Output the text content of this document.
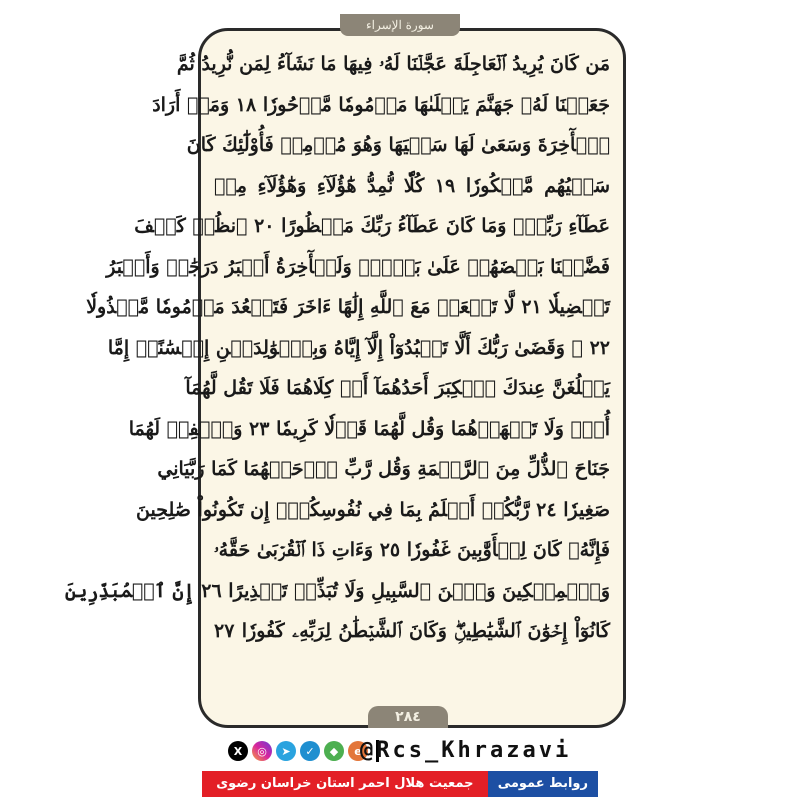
سورة الإسراء
مَن كَانَ يُرِيدُ ٱلۡعَاجِلَةَ عَجَّلۡنَا لَهُۥ فِيهَا مَا نَشَآءُ لِمَن نُّرِيدُ ثُمَّ
جَعَلۡنَا لَهُۥ جَهَنَّمَ يَصۡلَىٰهَا مَذۡمُومٗا مَّدۡحُورٗا ١٨ وَمَنۡ أَرَادَ
ٱلۡأٓخِرَةَ وَسَعَىٰ لَهَا سَعۡيَهَا وَهُوَ مُؤۡمِنٞ فَأُوْلَٰٓئِكَ كَانَ
سَعۡيُهُم مَّشۡكُورٗا ١٩ كُلّٗا نُّمِدُّ هَٰٓؤُلَآءِ وَهَٰٓؤُلَآءِ مِنۡ
عَطَآءِ رَبِّكَۚ وَمَا كَانَ عَطَآءُ رَبِّكَ مَحۡظُورًا ٢٠ ٱنظُرۡ كَيۡفَ
فَضَّلۡنَا بَعۡضَهُمۡ عَلَىٰ بَعۡضٖۚ وَلَلۡأٓخِرَةُ أَكۡبَرُ دَرَجَٰتٖ وَأَكۡبَرُ
تَفۡضِيلٗا ٢١ لَّا تَجۡعَلۡ مَعَ ٱللَّهِ إِلَٰهًا ءَاخَرَ فَتَقۡعُدَ مَذۡمُومٗا مَّخۡذُولٗا
٢٢ ۞ وَقَضَىٰ رَبُّكَ أَلَّا تَعۡبُدُوٓاْ إِلَّآ إِيَّاهُ وَبِٱلۡوَٰلِدَيۡنِ إِحۡسَٰنًاۚ إِمَّا
يَبۡلُغَنَّ عِندَكَ ٱلۡكِبَرَ أَحَدُهُمَآ أَوۡ كِلَاهُمَا فَلَا تَقُل لَّهُمَآ
أُفّٖ وَلَا تَنۡهَرۡهُمَا وَقُل لَّهُمَا قَوۡلٗا كَرِيمٗا ٢٣ وَٱخۡفِضۡ لَهُمَا
جَنَاحَ ٱلذُّلِّ مِنَ ٱلرَّحۡمَةِ وَقُل رَّبِّ ٱرۡحَمۡهُمَا كَمَا رَبَّيَانِي
صَغِيرٗا ٢٤ رَّبُّكُمۡ أَعۡلَمُ بِمَا فِي نُفُوسِكُمۡۚ إِن تَكُونُواْ صَٰلِحِينَ
فَإِنَّهُۥ كَانَ لِلۡأَوَّٰبِينَ غَفُورٗا ٢٥ وَءَاتِ ذَا ٱلۡقُرۡبَىٰ حَقَّهُۥ
وَٱلۡمِسۡكِينَ وَٱبۡنَ ٱلسَّبِيلِ وَلَا تُبَذِّرۡ تَبۡذِيرًا ٢٦ إِنَّ ٱلۡمُبَذِّرِينَ
كَانُوٓاْ إِخۡوَٰنَ ٱلشَّيَٰطِينِۖ وَكَانَ ٱلشَّيۡطَٰنُ لِرَبِّهِۦ كَفُورٗا ٢٧
٢٨٤
X	◎	➤	✓	◆	e
@Rcs_Khrazavi
روابط عمومی
جمعیت هلال احمر استان خراسان رضوی
